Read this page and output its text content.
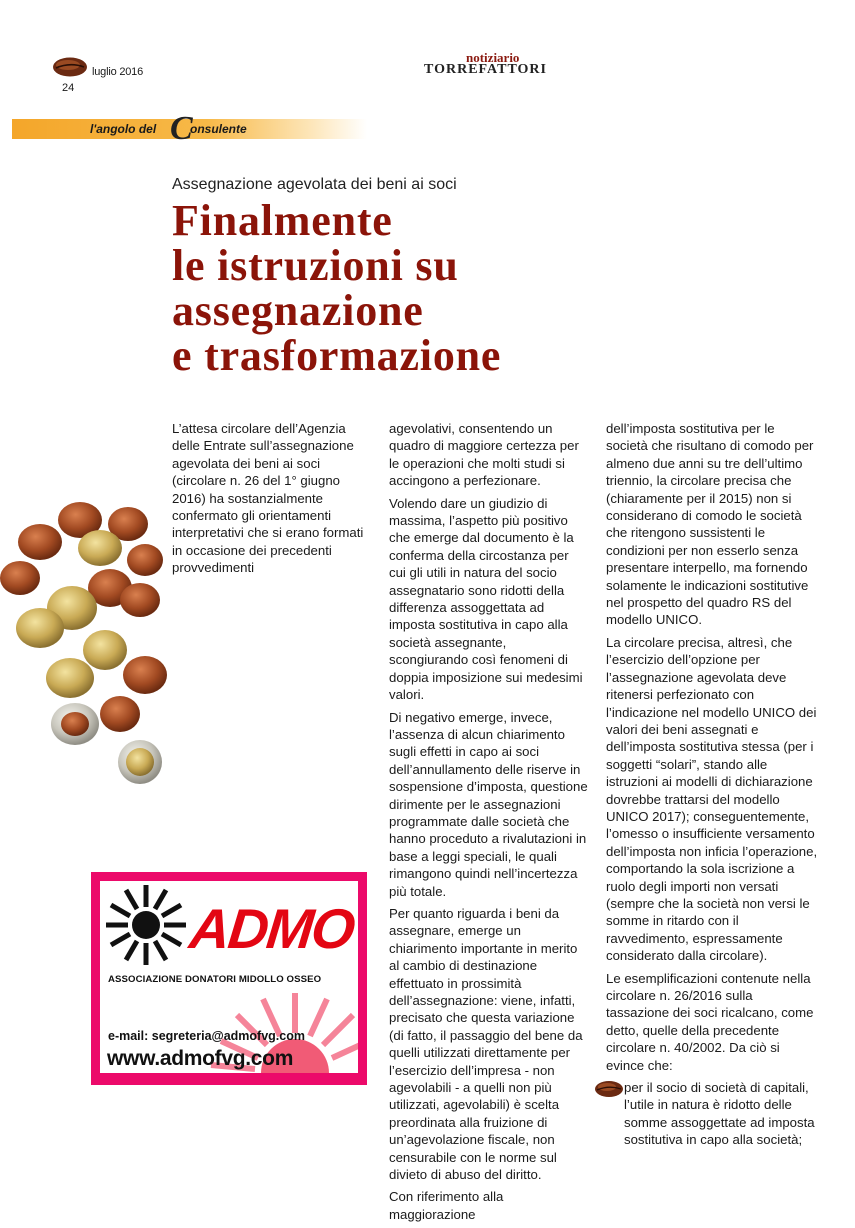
luglio 2016
24
notiziario
TORREFATTORI
l'angolo del C
onsulente
Assegnazione agevolata dei beni ai soci
Finalmente
le istruzioni su
assegnazione
e trasformazione

L’attesa circolare dell’Agenzia delle Entrate sull’assegnazione agevolata dei beni ai soci (circolare n. 26 del 1° giugno 2016) ha sostanzialmente confermato gli orientamenti interpretativi che si erano formati in occasione dei precedenti provvedimenti

agevolativi, consentendo un quadro di maggiore certezza per le operazioni che molti studi si accingono a perfezionare.

Volendo dare un giudizio di massima, l’aspetto più positivo che emerge dal documento è la conferma della circostanza per cui gli utili in natura del socio assegnatario sono ridotti della differenza assoggettata ad imposta sostitutiva in capo alla società assegnante, scongiurando così fenomeni di doppia imposizione sui medesimi valori.

Di negativo emerge, invece, l’assenza di alcun chiarimento sugli effetti in capo ai soci dell’annullamento delle riserve in sospensione d’imposta, questione dirimente per le assegnazioni programmate dalle società che hanno proceduto a rivalutazioni in base a leggi speciali, le quali rimangono quindi nell’incertezza più totale.

Per quanto riguarda i beni da assegnare, emerge un chiarimento importante in merito al cambio di destinazione effettuato in prossimità dell’assegnazione: viene, infatti, precisato che questa variazione (di fatto, il passaggio del bene da quelli utilizzati direttamente per l’esercizio dell’impresa - non agevolabili - a quelli non più utilizzati, agevolabili) è scelta preordinata alla fruizione di un’agevolazione fiscale, non censurabile con le norme sul divieto di abuso del diritto.

Con riferimento alla maggiorazione

dell’imposta sostitutiva per le società che risultano di comodo per almeno due anni su tre dell’ultimo triennio, la circolare precisa che (chiaramente per il 2015) non si considerano di comodo le società che ritengono sussistenti le condizioni per non esserlo senza presentare interpello, ma fornendo solamente le indicazioni sostitutive nel prospetto del quadro RS del modello UNICO.

La circolare precisa, altresì, che l’esercizio dell’opzione per l’assegnazione agevolata deve ritenersi perfezionato con l’indicazione nel modello UNICO dei valori dei beni assegnati e dell’imposta sostitutiva stessa (per i soggetti “solari”, stando alle istruzioni ai modelli di dichiarazione dovrebbe trattarsi del modello UNICO 2017); conseguentemente, l’omesso o insufficiente versamento dell’imposta non inficia l’operazione, comportando la sola iscrizione a ruolo degli importi non versati (sempre che la società non versi le somme in ritardo con il ravvedimento, espressamente considerato dalla circolare).

Le esemplificazioni contenute nella circolare n. 26/2016 sulla tassazione dei soci ricalcano, come detto, quelle della precedente circolare n. 40/2002. Da ciò si evince che:

per il socio di società di capitali, l’utile in natura è ridotto delle somme assoggettate ad imposta sostitutiva in capo alla società;
ADMO
ASSOCIAZIONE DONATORI MIDOLLO OSSEO
e-mail: segreteria@admofvg.com
www.admofvg.com
